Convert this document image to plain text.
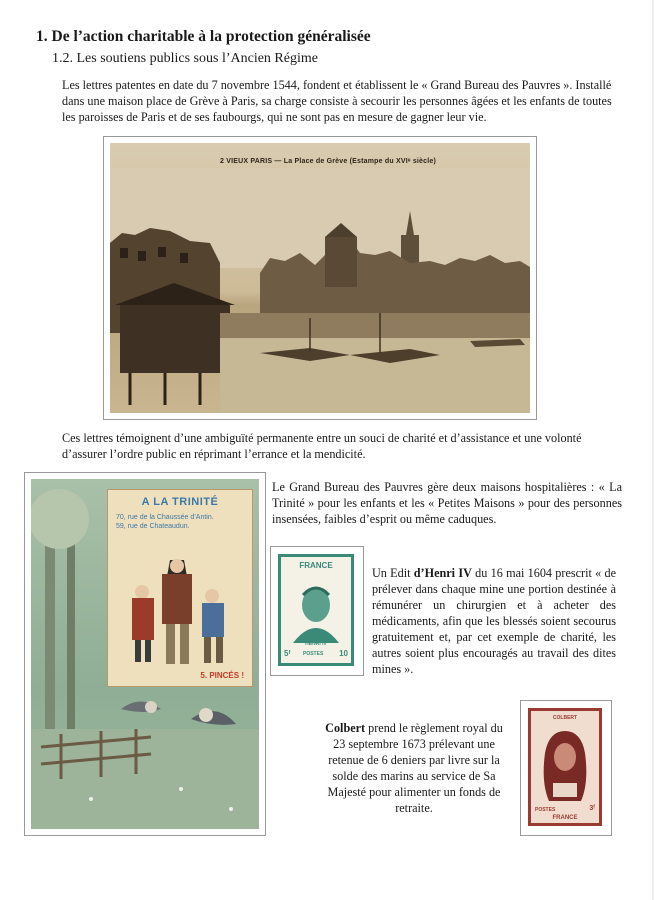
1. De l’action charitable à la protection généralisée
1.2. Les soutiens publics sous l’Ancien Régime

Les lettres patentes en date du 7 novembre 1544, fondent et établissent le « Grand Bureau des Pauvres ». Installé dans une maison place de Grève à Paris, sa charge consiste à secourir les personnes âgées et les enfants de toutes les paroisses de Paris et de ses faubourgs, qui ne sont pas en mesure de gagner leur vie.

2 VIEUX PARIS — La Place de Grève (Estampe du XVIᵉ siècle)

Ces lettres témoignent d’une ambiguïté permanente entre un souci de charité et d’assistance et une volonté d’assurer l’ordre public en réprimant l’errance et la mendicité.

A LA TRINITÉ
70, rue de la Chaussée d’Antin.
59, rue de Chateaudun.
5. PINCÉS !

Le Grand Bureau des Pauvres gère deux maisons hospitalières : « La Trinité » pour les enfants et les « Petites Maisons » pour des personnes insensées, faibles d’esprit ou même caduques.

FRANCE
HENRI IV
5ᶠ	POSTES 10

Un Edit d’Henri IV du 16 mai 1604 prescrit « de prélever dans chaque mine une portion destinée à rémunérer un chirurgien et à acheter des médicaments, afin que les blessés soient secourus gratuitement et, par cet exemple de charité, les autres soient plus encouragés au travail des dites mines ».

Colbert prend le règlement royal du 23 septembre 1673 prélevant une retenue de 6 deniers par livre sur la solde des marins au service de Sa Majesté pour alimenter un fonds de retraite.

COLBERT
POSTES	3ᶠ
FRANCE
